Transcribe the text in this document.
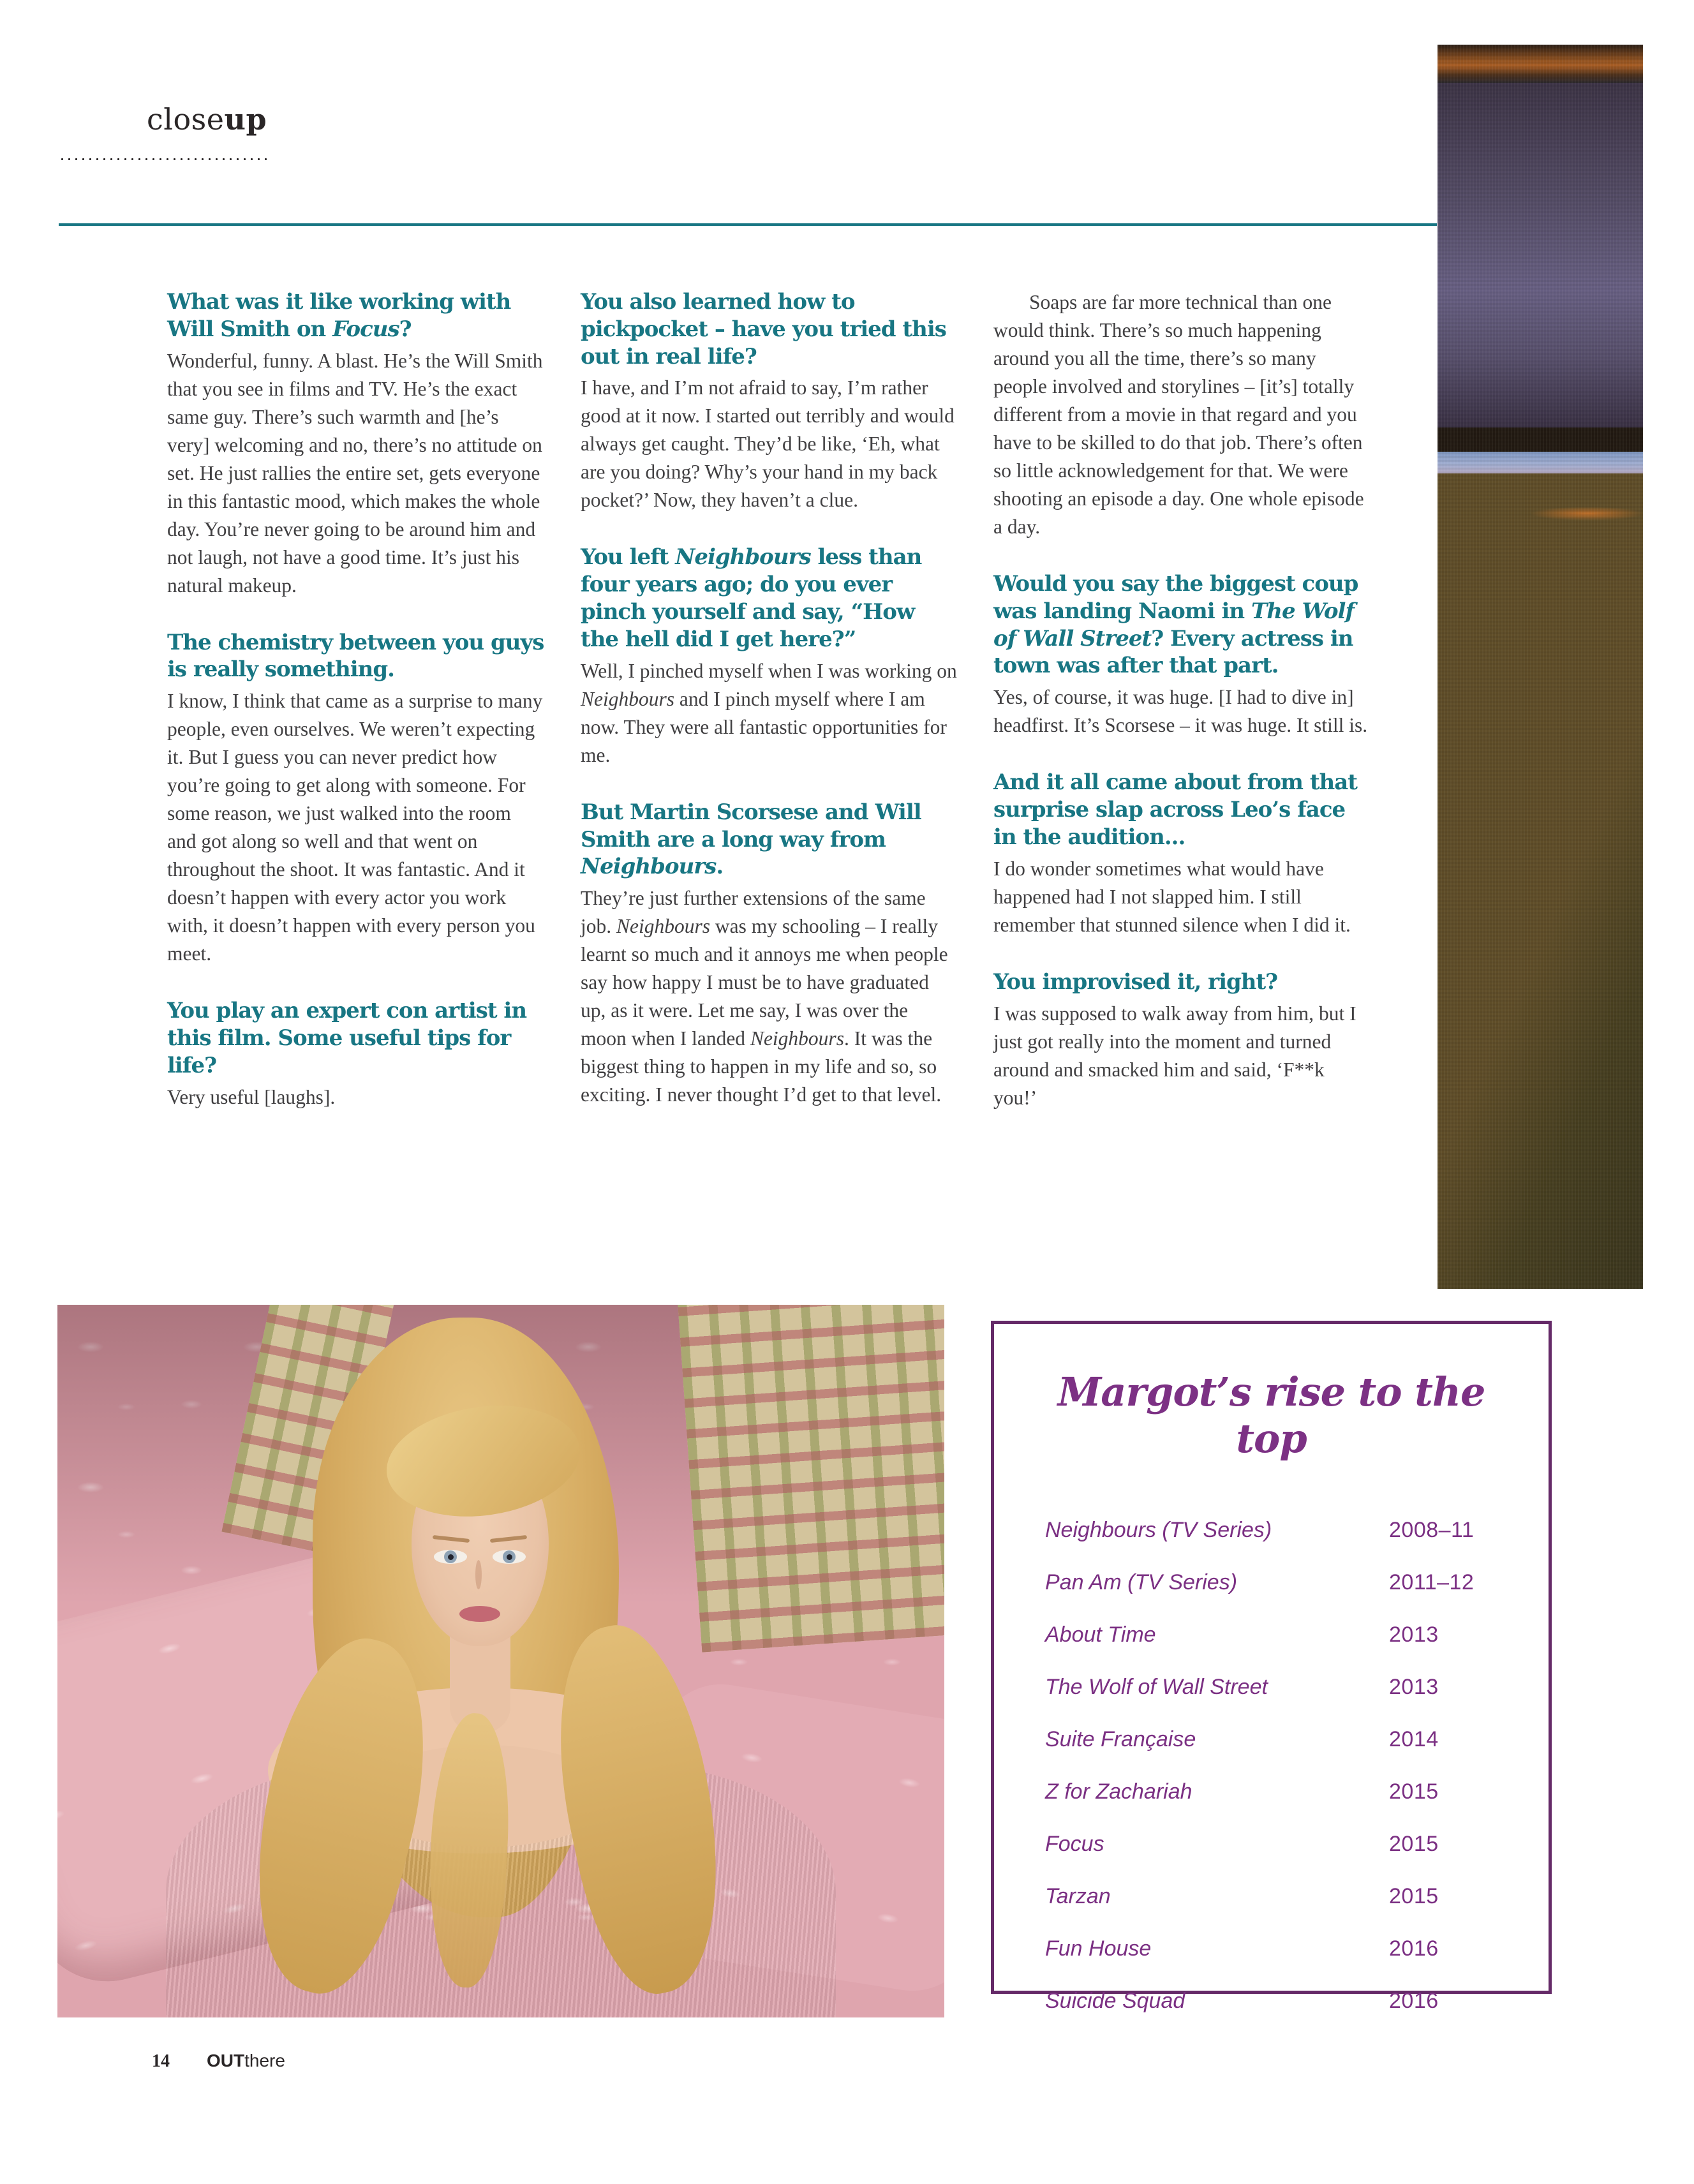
closeup
What was it like working with Will Smith on Focus?

Wonderful, funny. A blast. He’s the Will Smith that you see in films and TV. He’s the exact same guy. There’s such warmth and [he’s very] welcoming and no, there’s no attitude on set. He just rallies the entire set, gets everyone in this fantastic mood, which makes the whole day. You’re never going to be around him and not laugh, not have a good time. It’s just his natural makeup.

The chemistry between you guys is really something.

I know, I think that came as a surprise to many people, even ourselves. We weren’t expecting it. But I guess you can never predict how you’re going to get along with someone. For some reason, we just walked into the room and got along so well and that went on throughout the shoot. It was fantastic. And it doesn’t happen with every actor you work with, it doesn’t happen with every person you meet.

You play an expert con artist in this film. Some useful tips for life?

Very useful [laughs].

You also learned how to pickpocket – have you tried this out in real life?

I have, and I’m not afraid to say, I’m rather good at it now. I started out terribly and would always get caught. They’d be like, ‘Eh, what are you doing? Why’s your hand in my back pocket?’ Now, they haven’t a clue.

You left Neighbours less than four years ago; do you ever pinch yourself and say, “How the hell did I get here?”

Well, I pinched myself when I was working on Neighbours and I pinch myself where I am now. They were all fantastic opportunities for me.

But Martin Scorsese and Will Smith are a long way from Neighbours.

They’re just further extensions of the same job. Neighbours was my schooling – I really learnt so much and it annoys me when people say how happy I must be to have graduated up, as it were. Let me say, I was over the moon when I landed Neighbours. It was the biggest thing to happen in my life and so, so exciting. I never thought I’d get to that level.

Soaps are far more technical than one would think. There’s so much happening around you all the time, there’s so many people involved and storylines – [it’s] totally different from a movie in that regard and you have to be skilled to do that job. There’s often so little acknowledgement for that. We were shooting an episode a day. One whole episode a day.

Would you say the biggest coup was landing Naomi in The Wolf of Wall Street? Every actress in town was after that part.

Yes, of course, it was huge. [I had to dive in] headfirst. It’s Scorsese – it was huge. It still is.

And it all came about from that surprise slap across Leo’s face in the audition...

I do wonder sometimes what would have happened had I not slapped him. I still remember that stunned silence when I did it.

You improvised it, right?

I was supposed to walk away from him, but I just got really into the moment and turned around and smacked him and said, ‘F**k you!’

Margot’s rise to the top
Neighbours (TV Series)	2008–11
Pan Am (TV Series)	2011–12
About Time	2013
The Wolf of Wall Street	2013
Suite Française	2014
Z for Zachariah	2015
Focus	2015
Tarzan	2015
Fun House	2016
Suicide Squad	2016
14 OUTthere
